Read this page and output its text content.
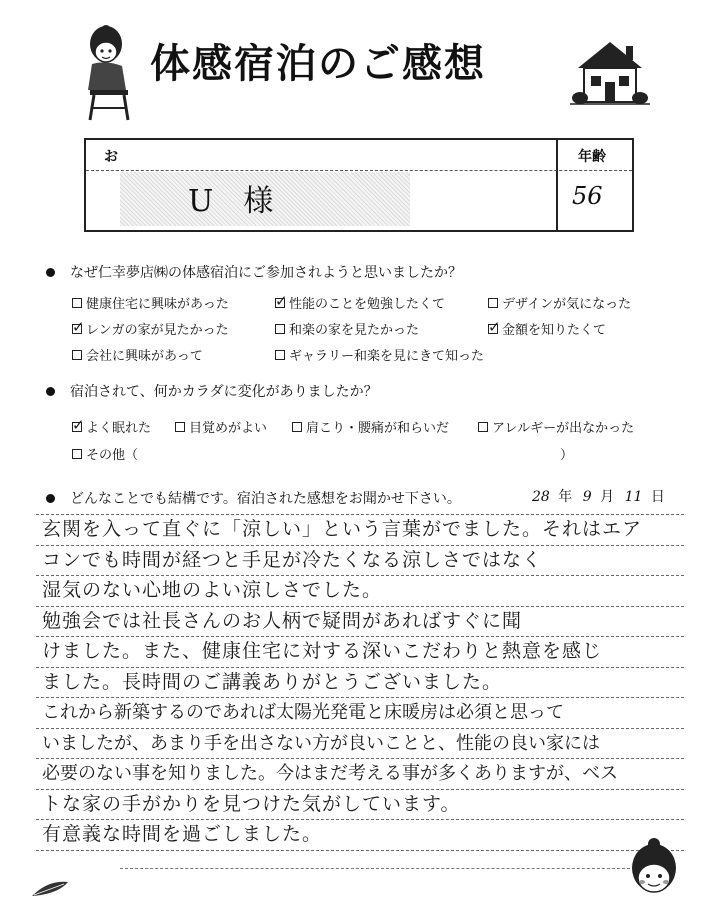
体感宿泊のご感想
お	年齢
U　様	56
なぜ仁幸夢店㈱の体感宿泊にご参加されようと思いましたか？
健康住宅に興味があった ✓	性能のことを勉強したくて	デザインが気になった
✓
レンガの家が見たかった	和楽の家を見たかった ✓	金額を知りたくて
会社に興味があって	ギャラリー和楽を見にきて知った
宿泊されて、何かカラダに変化がありましたか？
✓
よく眠れた	目覚めがよい	肩こり・腰痛が和らいだ	アレルギーが出なかった
その他（	）
どんなことでも結構です。宿泊された感想をお聞かせ下さい。	28 年 9 月 11 日
玄関を入って直ぐに「涼しい」という言葉がでました。それはエア
コンでも時間が経つと手足が冷たくなる涼しさではなく
湿気のない心地のよい涼しさでした。
勉強会では社長さんのお人柄で疑問があればすぐに聞
けました。また、健康住宅に対する深いこだわりと熱意を感じ
ました。長時間のご講義ありがとうございました。
これから新築するのであれば太陽光発電と床暖房は必須と思って
いましたが、あまり手を出さない方が良いことと、性能の良い家には
必要のない事を知りました。今はまだ考える事が多くありますが、ベス
トな家の手がかりを見つけた気がしています。
有意義な時間を過ごしました。
